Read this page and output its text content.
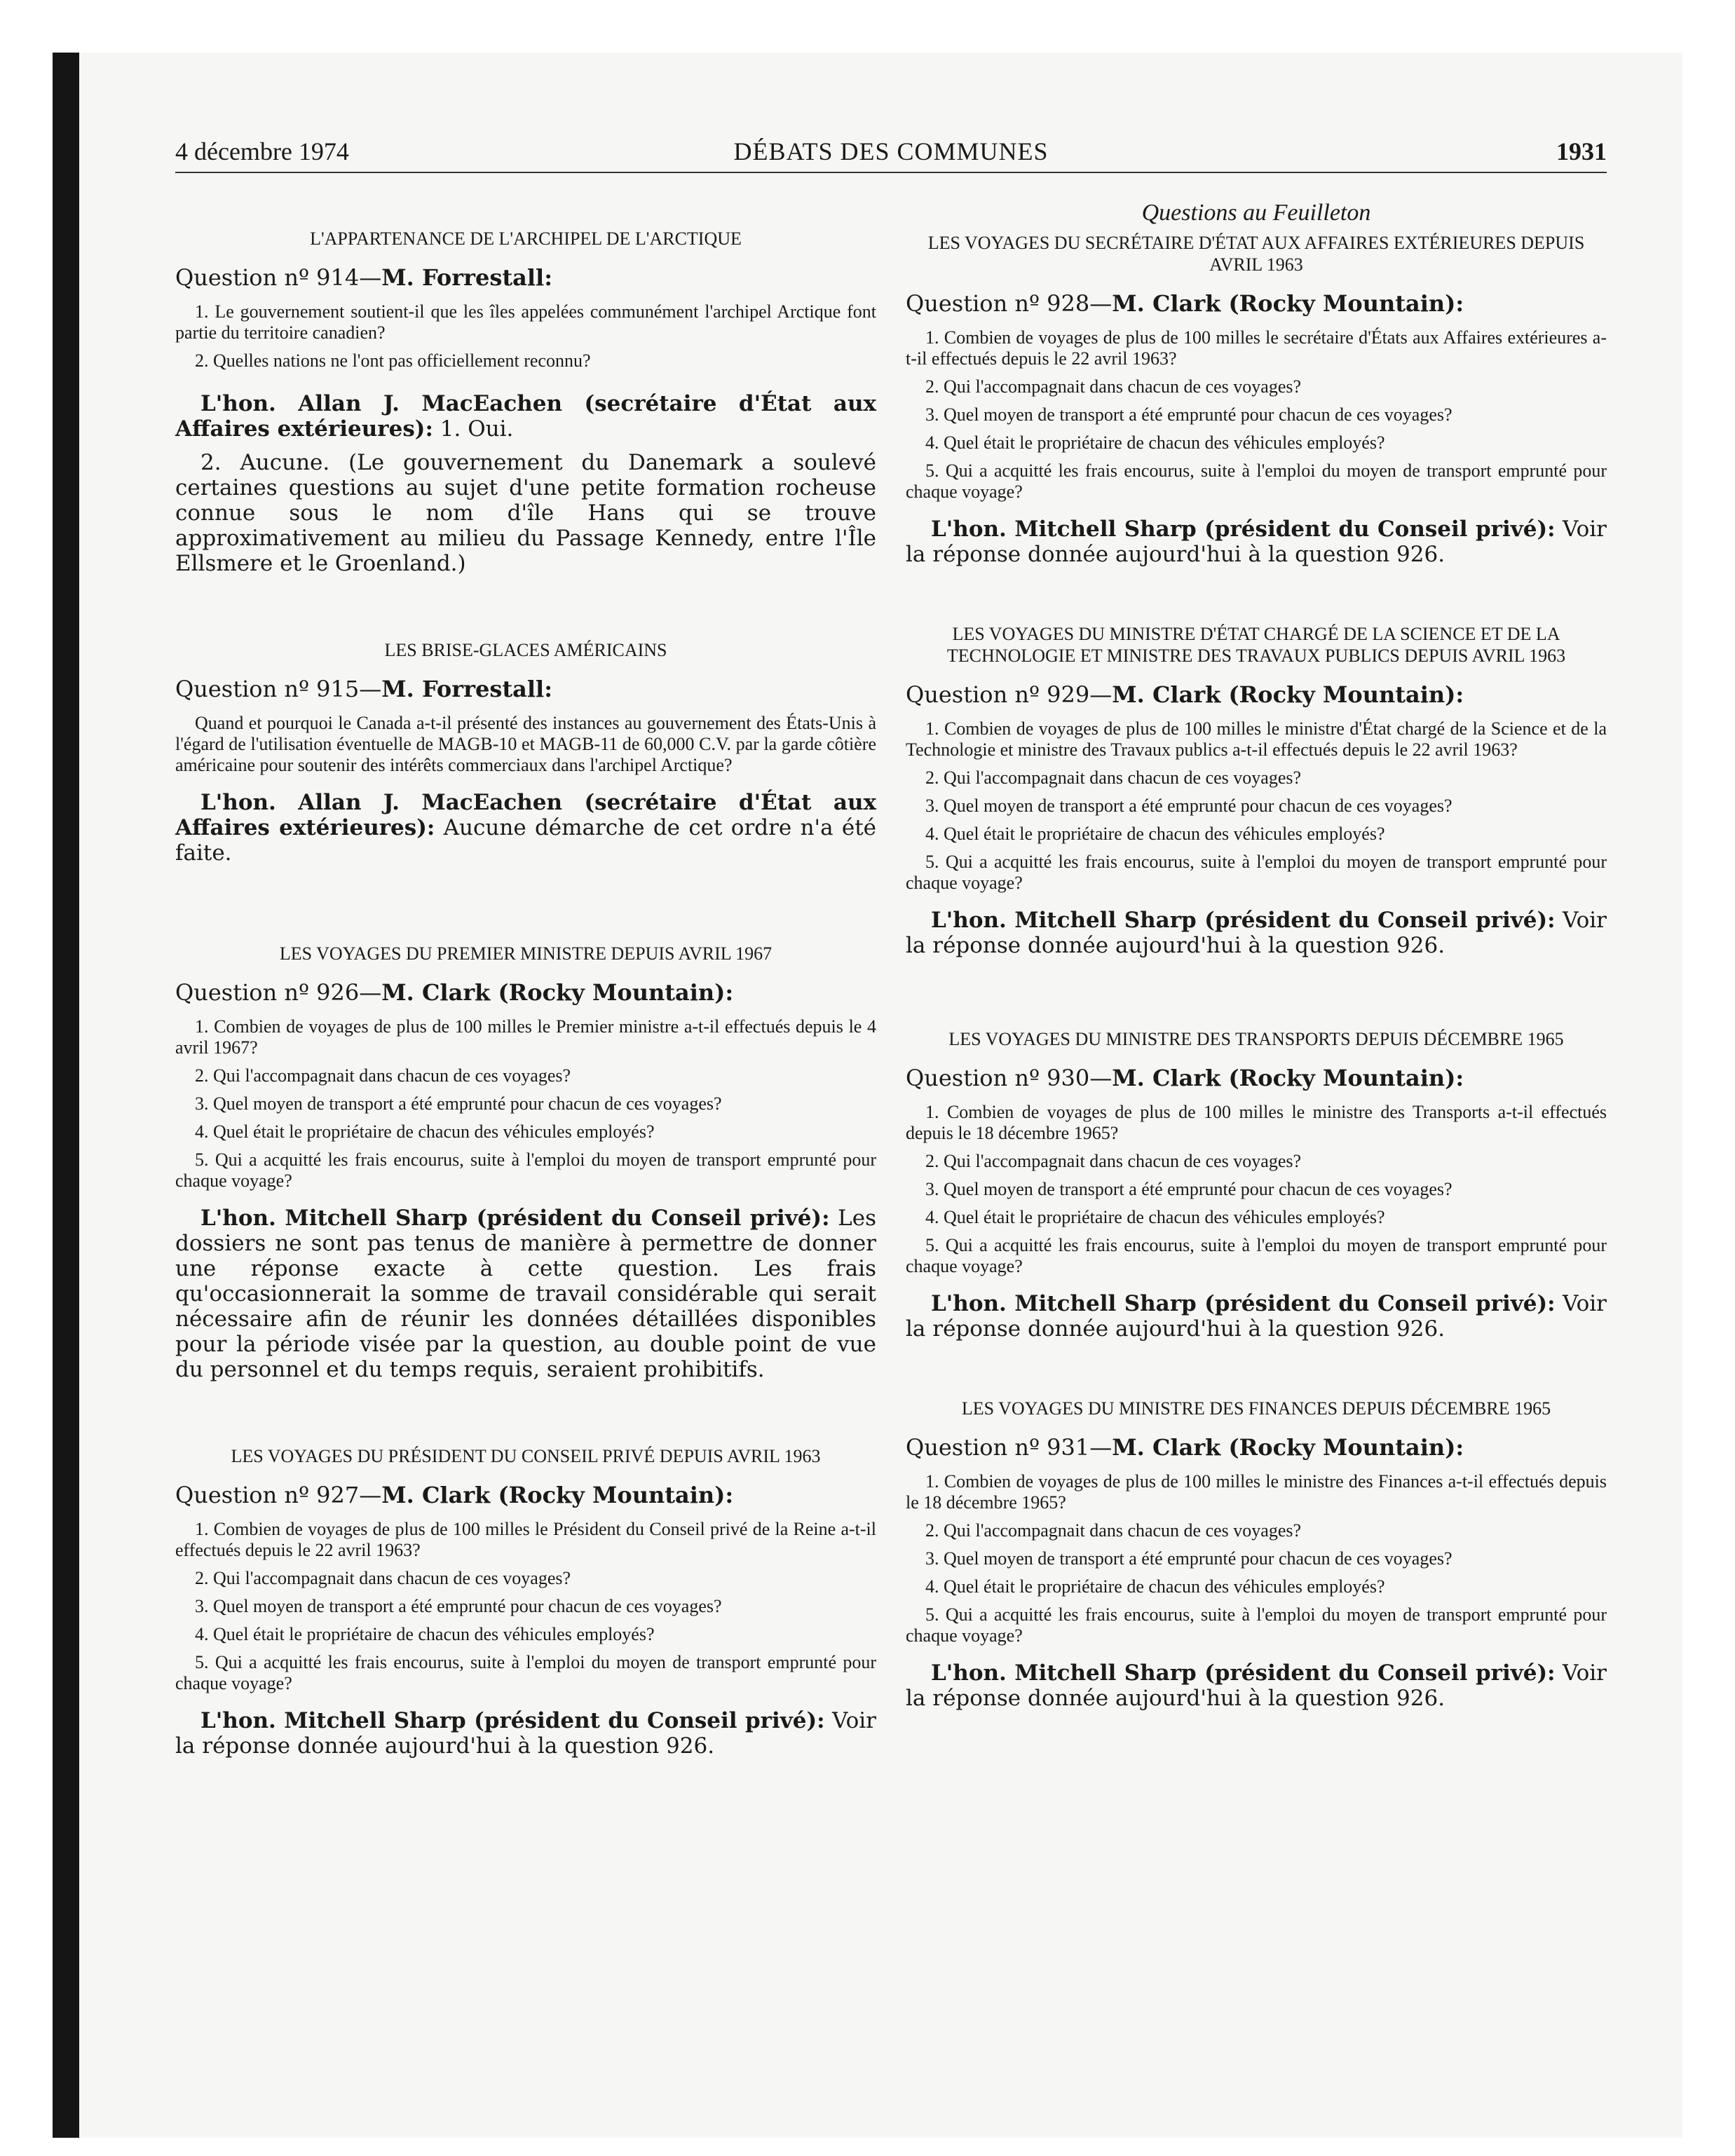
4 décembre 1974	DÉBATS DES COMMUNES	1931
L'APPARTENANCE DE L'ARCHIPEL DE L'ARCTIQUE
Question nº 914—M. Forrestall:
1. Le gouvernement soutient-il que les îles appelées communément l'archipel Arctique font partie du territoire canadien?
2. Quelles nations ne l'ont pas officiellement reconnu?
L'hon. Allan J. MacEachen (secrétaire d'État aux Affaires extérieures): 1. Oui.
2. Aucune. (Le gouvernement du Danemark a soulevé certaines questions au sujet d'une petite formation rocheuse connue sous le nom d'île Hans qui se trouve approximativement au milieu du Passage Kennedy, entre l'Île Ellsmere et le Groenland.)
LES BRISE-GLACES AMÉRICAINS
Question nº 915—M. Forrestall:
Quand et pourquoi le Canada a-t-il présenté des instances au gouvernement des États-Unis à l'égard de l'utilisation éventuelle de MAGB-10 et MAGB-11 de 60,000 C.V. par la garde côtière américaine pour soutenir des intérêts commerciaux dans l'archipel Arctique?
L'hon. Allan J. MacEachen (secrétaire d'État aux Affaires extérieures): Aucune démarche de cet ordre n'a été faite.
LES VOYAGES DU PREMIER MINISTRE DEPUIS AVRIL 1967
Question nº 926—M. Clark (Rocky Mountain):
1. Combien de voyages de plus de 100 milles le Premier ministre a-t-il effectués depuis le 4 avril 1967?
2. Qui l'accompagnait dans chacun de ces voyages?
3. Quel moyen de transport a été emprunté pour chacun de ces voyages?
4. Quel était le propriétaire de chacun des véhicules employés?
5. Qui a acquitté les frais encourus, suite à l'emploi du moyen de transport emprunté pour chaque voyage?
L'hon. Mitchell Sharp (président du Conseil privé): Les dossiers ne sont pas tenus de manière à permettre de donner une réponse exacte à cette question. Les frais qu'occasionnerait la somme de travail considérable qui serait nécessaire afin de réunir les données détaillées disponibles pour la période visée par la question, au double point de vue du personnel et du temps requis, seraient prohibitifs.
LES VOYAGES DU PRÉSIDENT DU CONSEIL PRIVÉ DEPUIS AVRIL 1963
Question nº 927—M. Clark (Rocky Mountain):
1. Combien de voyages de plus de 100 milles le Président du Conseil privé de la Reine a-t-il effectués depuis le 22 avril 1963?
2. Qui l'accompagnait dans chacun de ces voyages?
3. Quel moyen de transport a été emprunté pour chacun de ces voyages?
4. Quel était le propriétaire de chacun des véhicules employés?
5. Qui a acquitté les frais encourus, suite à l'emploi du moyen de transport emprunté pour chaque voyage?
L'hon. Mitchell Sharp (président du Conseil privé): Voir la réponse donnée aujourd'hui à la question 926.
Questions au Feuilleton
LES VOYAGES DU SECRÉTAIRE D'ÉTAT AUX AFFAIRES EXTÉRIEURES DEPUIS AVRIL 1963
Question nº 928—M. Clark (Rocky Mountain):
1. Combien de voyages de plus de 100 milles le secrétaire d'États aux Affaires extérieures a-t-il effectués depuis le 22 avril 1963?
2. Qui l'accompagnait dans chacun de ces voyages?
3. Quel moyen de transport a été emprunté pour chacun de ces voyages?
4. Quel était le propriétaire de chacun des véhicules employés?
5. Qui a acquitté les frais encourus, suite à l'emploi du moyen de transport emprunté pour chaque voyage?
L'hon. Mitchell Sharp (président du Conseil privé): Voir la réponse donnée aujourd'hui à la question 926.
LES VOYAGES DU MINISTRE D'ÉTAT CHARGÉ DE LA SCIENCE ET DE LA TECHNOLOGIE ET MINISTRE DES TRAVAUX PUBLICS DEPUIS AVRIL 1963
Question nº 929—M. Clark (Rocky Mountain):
1. Combien de voyages de plus de 100 milles le ministre d'État chargé de la Science et de la Technologie et ministre des Travaux publics a-t-il effectués depuis le 22 avril 1963?
2. Qui l'accompagnait dans chacun de ces voyages?
3. Quel moyen de transport a été emprunté pour chacun de ces voyages?
4. Quel était le propriétaire de chacun des véhicules employés?
5. Qui a acquitté les frais encourus, suite à l'emploi du moyen de transport emprunté pour chaque voyage?
L'hon. Mitchell Sharp (président du Conseil privé): Voir la réponse donnée aujourd'hui à la question 926.
LES VOYAGES DU MINISTRE DES TRANSPORTS DEPUIS DÉCEMBRE 1965
Question nº 930—M. Clark (Rocky Mountain):
1. Combien de voyages de plus de 100 milles le ministre des Transports a-t-il effectués depuis le 18 décembre 1965?
2. Qui l'accompagnait dans chacun de ces voyages?
3. Quel moyen de transport a été emprunté pour chacun de ces voyages?
4. Quel était le propriétaire de chacun des véhicules employés?
5. Qui a acquitté les frais encourus, suite à l'emploi du moyen de transport emprunté pour chaque voyage?
L'hon. Mitchell Sharp (président du Conseil privé): Voir la réponse donnée aujourd'hui à la question 926.
LES VOYAGES DU MINISTRE DES FINANCES DEPUIS DÉCEMBRE 1965
Question nº 931—M. Clark (Rocky Mountain):
1. Combien de voyages de plus de 100 milles le ministre des Finances a-t-il effectués depuis le 18 décembre 1965?
2. Qui l'accompagnait dans chacun de ces voyages?
3. Quel moyen de transport a été emprunté pour chacun de ces voyages?
4. Quel était le propriétaire de chacun des véhicules employés?
5. Qui a acquitté les frais encourus, suite à l'emploi du moyen de transport emprunté pour chaque voyage?
L'hon. Mitchell Sharp (président du Conseil privé): Voir la réponse donnée aujourd'hui à la question 926.
